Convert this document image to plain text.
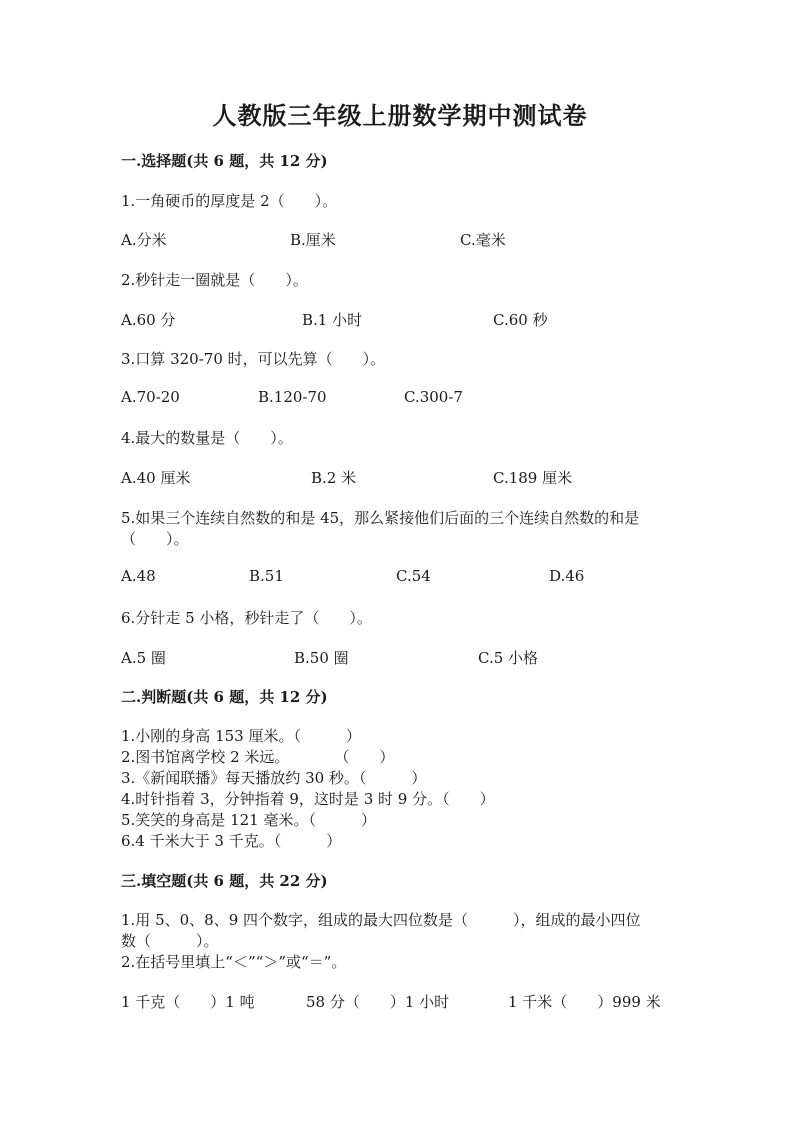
人教版三年级上册数学期中测试卷
一.选择题(共 6 题，共 12 分)
1.一角硬币的厚度是 2（　　）。
A.分米	B.厘米	C.毫米
2.秒针走一圈就是（　　）。
A.60 分	B.1 小时	C.60 秒
3.口算 320-70 时，可以先算（　　）。
A.70-20	B.120-70	C.300-7
4.最大的数量是（　　）。
A.40 厘米	B.2 米	C.189 厘米
5.如果三个连续自然数的和是 45，那么紧接他们后面的三个连续自然数的和是
（　　）。
A.48	B.51	C.54	D.46
6.分针走 5 小格，秒针走了（　　）。
A.5 圈	B.50 圈	C.5 小格
二.判断题(共 6 题，共 12 分)
1.小刚的身高 153 厘米。（　　　）
2.图书馆离学校 2 米远。　　　　（　　）
3.《新闻联播》每天播放约 30 秒。（　　　）
4.时针指着 3，分钟指着 9，这时是 3 时 9 分。（　　）
5.笑笑的身高是 121 毫米。（　　　）
6.4 千米大于 3 千克。（　　　）
三.填空题(共 6 题，共 22 分)
1.用 5、0、8、9 四个数字，组成的最大四位数是（　　　），组成的最小四位
数（　　　）。
2.在括号里填上“＜”“＞”或“＝”。
1 千克（　　）1 吨	58 分（　　）1 小时	1 千米（　　）999 米
